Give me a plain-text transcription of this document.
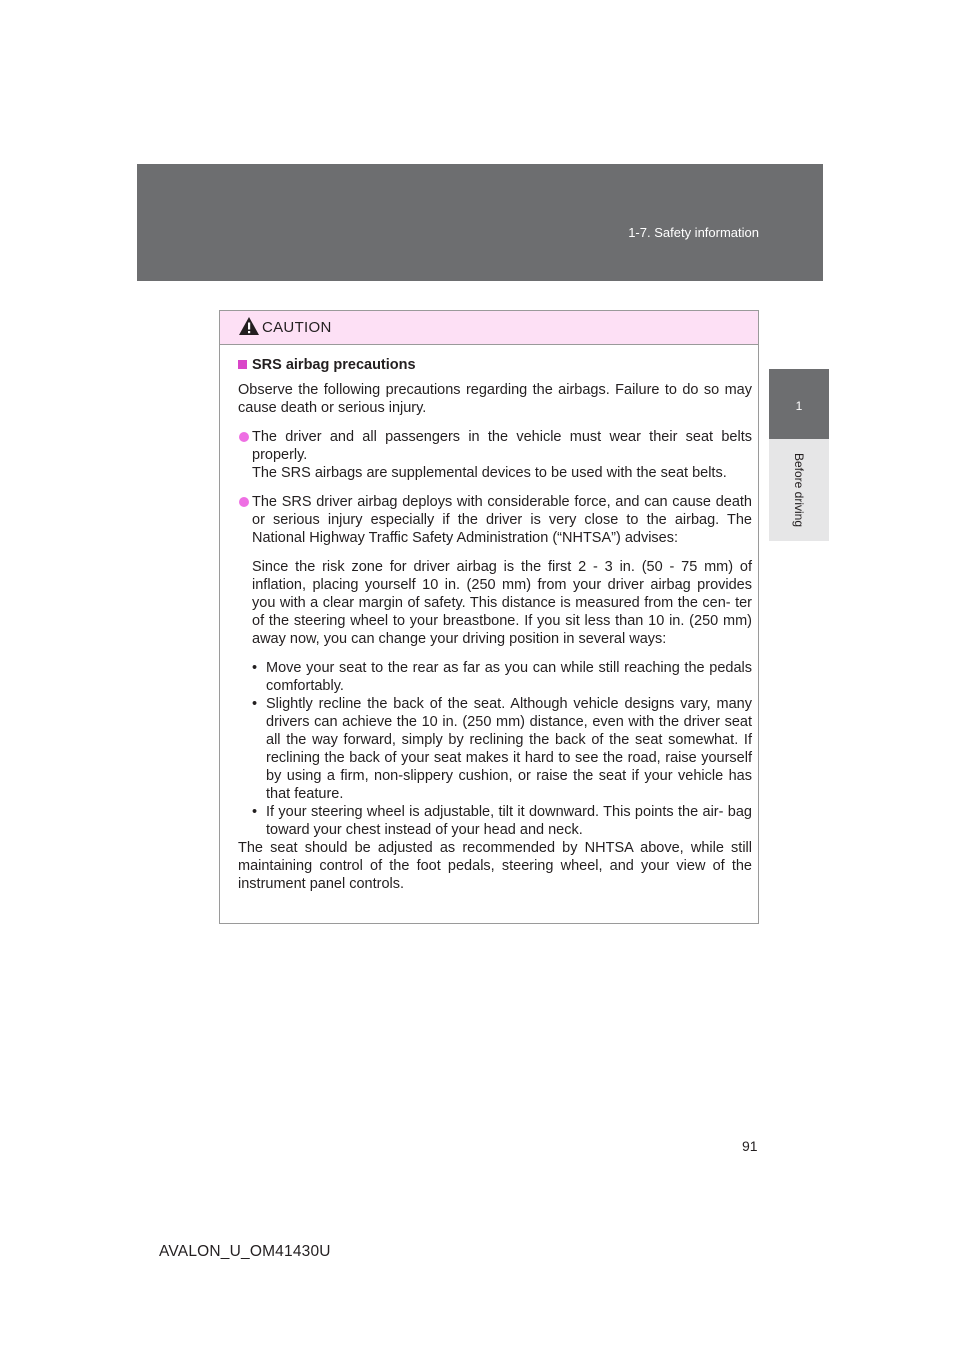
1-7. Safety information
1
Before driving
CAUTION
SRS airbag precautions

Observe the following precautions regarding the airbags. Failure to do so may cause death or serious injury.

The driver and all passengers in the vehicle must wear their seat belts properly.
The SRS airbags are supplemental devices to be used with the seat belts.
The SRS driver airbag deploys with considerable force, and can cause death or serious injury especially if the driver is very close to the airbag. The National Highway Traffic Safety Administration (“NHTSA”) advises:
Since the risk zone for driver airbag is the first 2 - 3 in. (50 - 75 mm) of inflation, placing yourself 10 in. (250 mm) from your driver airbag provides you with a clear margin of safety. This distance is measured from the cen- ter of the steering wheel to your breastbone. If you sit less than 10 in. (250 mm) away now, you can change your driving position in several ways:
• Move your seat to the rear as far as you can while still reaching the pedals comfortably.
• Slightly recline the back of the seat. Although vehicle designs vary, many drivers can achieve the 10 in. (250 mm) distance, even with the driver seat all the way forward, simply by reclining the back of the seat somewhat. If reclining the back of your seat makes it hard to see the road, raise yourself by using a firm, non-slippery cushion, or raise the seat if your vehicle has that feature.
• If your steering wheel is adjustable, tilt it downward. This points the air- bag toward your chest instead of your head and neck.

The seat should be adjusted as recommended by NHTSA above, while still maintaining control of the foot pedals, steering wheel, and your view of the instrument panel controls.

91
AVALON_U_OM41430U
